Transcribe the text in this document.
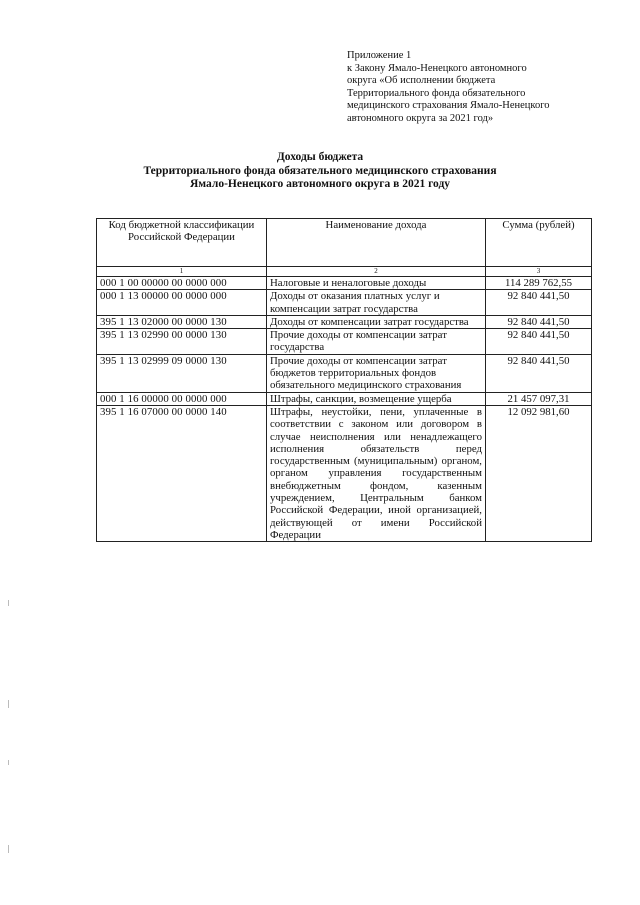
Приложение 1
к Закону Ямало-Ненецкого автономного
округа «Об исполнении бюджета
Территориального фонда обязательного
медицинского страхования Ямало-Ненецкого
автономного округа за 2021 год»
Доходы бюджета
Территориального фонда обязательного медицинского страхования
Ямало-Ненецкого автономного округа в 2021 году
Код бюджетной классификации Российской Федерации	Наименование дохода	Сумма (рублей)
1	2	3
000 1 00 00000 00 0000 000	Налоговые и неналоговые доходы	114 289 762,55
000 1 13 00000 00 0000 000	Доходы от оказания платных услуг и компенсации затрат государства	92 840 441,50
395 1 13 02000 00 0000 130	Доходы от компенсации затрат государства	92 840 441,50
395 1 13 02990 00 0000 130	Прочие доходы от компенсации затрат государства	92 840 441,50
395 1 13 02999 09 0000 130	Прочие доходы от компенсации затрат бюджетов территориальных фондов обязательного медицинского страхования	92 840 441,50
000 1 16 00000 00 0000 000	Штрафы, санкции, возмещение ущерба	21 457 097,31
395 1 16 07000 00 0000 140	Штрафы, неустойки, пени, уплаченные в соответствии с законом или договором в случае неисполнения или ненадлежащего исполнения обязательств перед государственным (муниципальным) органом, органом управления государственным внебюджетным фондом, казенным учреждением, Центральным банком Российской Федерации, иной организацией, действующей от имени Российской Федерации	12 092 981,60
